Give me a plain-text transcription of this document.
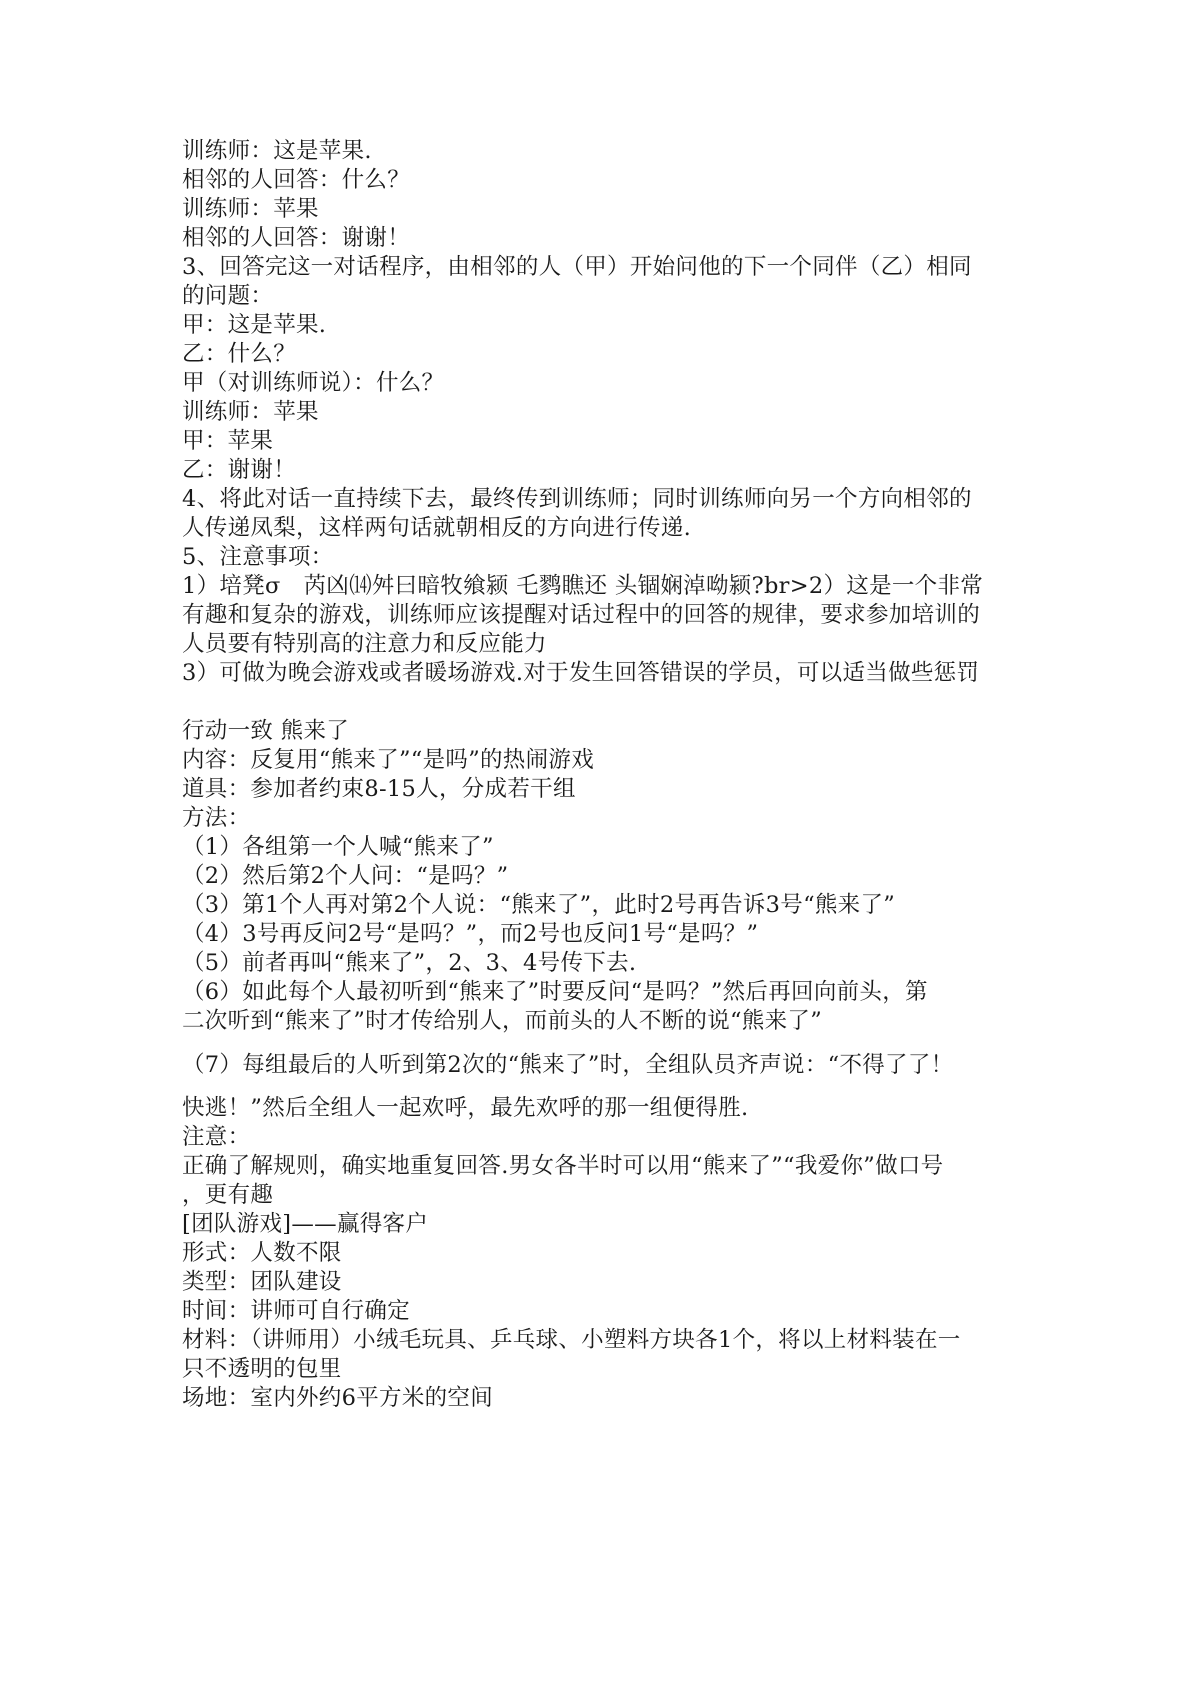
训练师：这是苹果.
相邻的人回答：什么？
训练师：苹果
相邻的人回答：谢谢！
3、回答完这一对话程序，由相邻的人（甲）开始问他的下一个同伴（乙）相同
的问题：
甲：这是苹果.
乙：什么？
甲（对训练师说）：什么？
训练师：苹果
甲：苹果
乙：谢谢！
4、将此对话一直持续下去，最终传到训练师；同时训练师向另一个方向相邻的
人传递凤梨，这样两句话就朝相反的方向进行传递.
5、注意事项：
1）培凳σ　芮凶⒁舛曰暗牧飨颍 乇鹨瞧还 头锢娴淖呦颍?br>2）这是一个非常
有趣和复杂的游戏，训练师应该提醒对话过程中的回答的规律，要求参加培训的
人员要有特别高的注意力和反应能力
3）可做为晚会游戏或者暖场游戏.对于发生回答错误的学员，可以适当做些惩罚
行动一致 熊来了
内容：反复用“熊来了”“是吗”的热闹游戏
道具：参加者约束8-15人，分成若干组
方法：
（1）各组第一个人喊“熊来了”
（2）然后第2个人问：“是吗？”
（3）第1个人再对第2个人说：“熊来了”，此时2号再告诉3号“熊来了”
（4）3号再反问2号“是吗？”，而2号也反问1号“是吗？”
（5）前者再叫“熊来了”，2、3、4号传下去.
（6）如此每个人最初听到“熊来了”时要反问“是吗？”然后再回向前头，第
二次听到“熊来了”时才传给别人，而前头的人不断的说“熊来了”
（7）每组最后的人听到第2次的“熊来了”时，全组队员齐声说：“不得了了！
快逃！”然后全组人一起欢呼，最先欢呼的那一组便得胜.
注意：
正确了解规则，确实地重复回答.男女各半时可以用“熊来了”“我爱你”做口号
，更有趣
[团队游戏]——赢得客户
形式：人数不限
类型：团队建设
时间：讲师可自行确定
材料：（讲师用）小绒毛玩具、乒乓球、小塑料方块各1个，将以上材料装在一
只不透明的包里
场地：室内外约6平方米的空间
